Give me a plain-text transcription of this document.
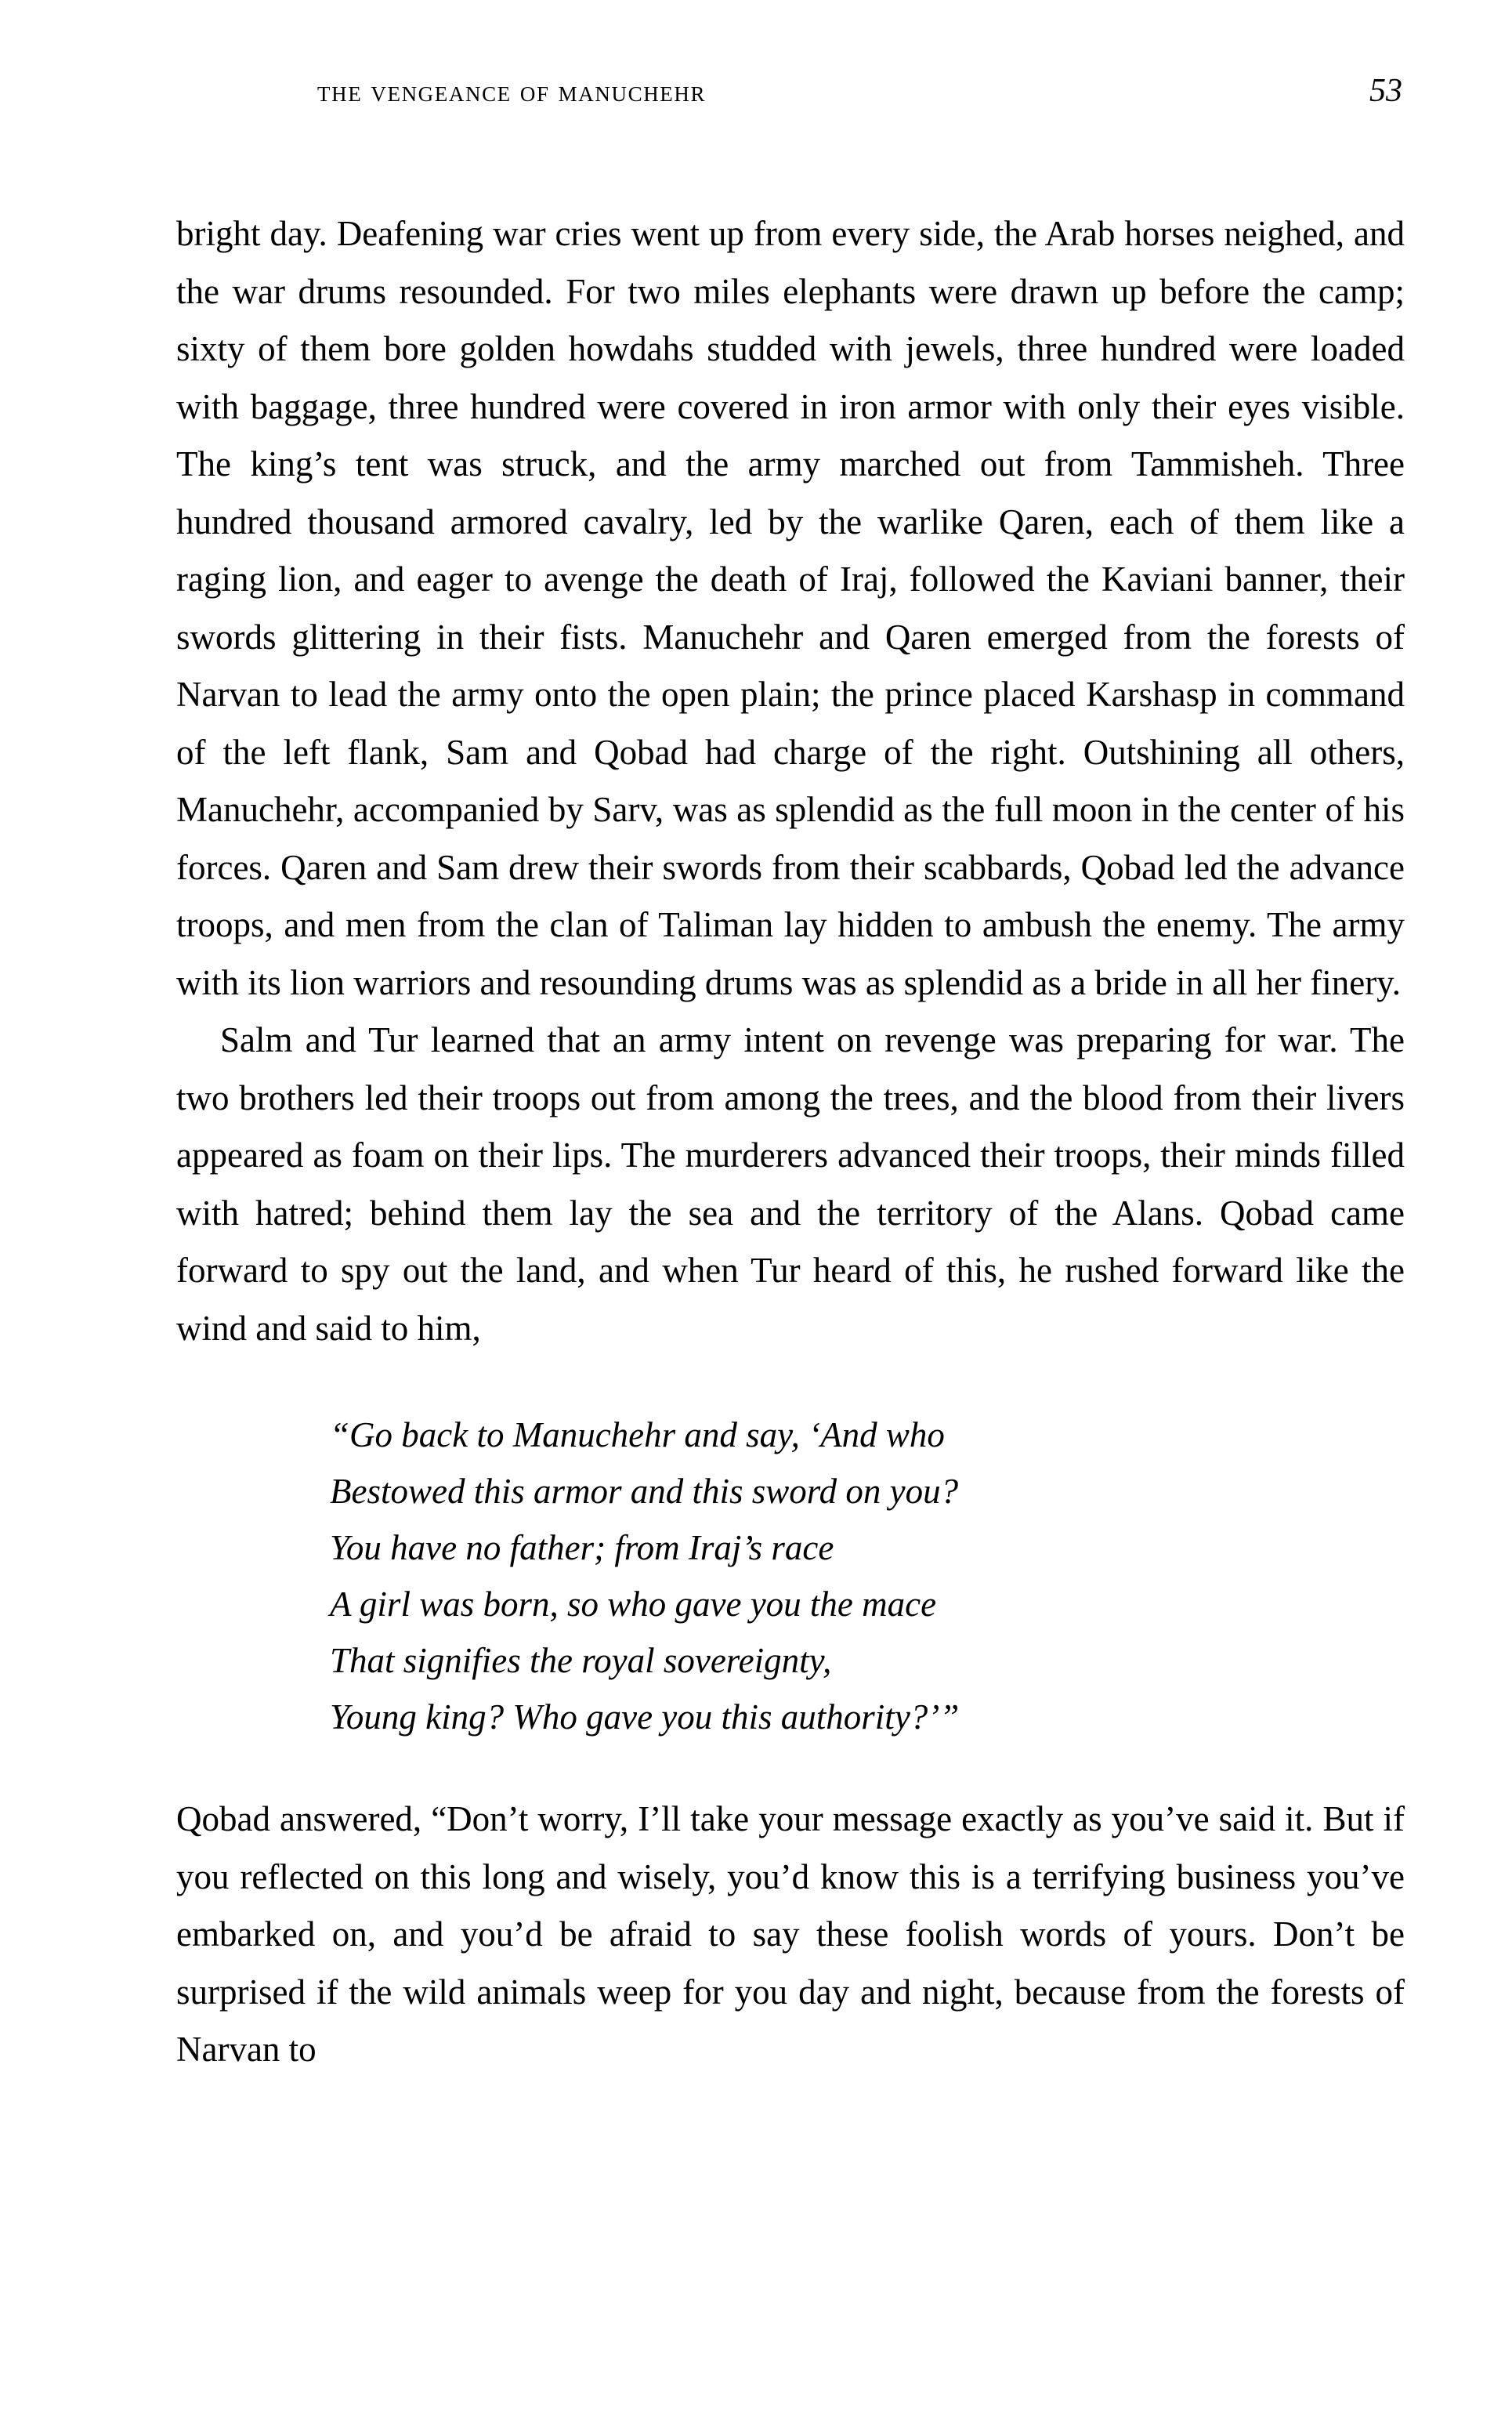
the vengeance of manuchehr	53

bright day. Deafening war cries went up from every side, the Arab horses neighed, and the war drums resounded. For two miles elephants were drawn up before the camp; sixty of them bore golden howdahs studded with jewels, three hundred were loaded with baggage, three hundred were covered in iron armor with only their eyes visible. The king’s tent was struck, and the army marched out from Tammisheh. Three hundred thousand armored cavalry, led by the warlike Qaren, each of them like a raging lion, and eager to avenge the death of Iraj, followed the Kaviani banner, their swords glittering in their fists. Manuchehr and Qaren emerged from the forests of Narvan to lead the army onto the open plain; the prince placed Karshasp in command of the left flank, Sam and Qobad had charge of the right. Outshining all others, Manuchehr, accompanied by Sarv, was as splendid as the full moon in the center of his forces. Qaren and Sam drew their swords from their scabbards, Qobad led the advance troops, and men from the clan of Taliman lay hidden to ambush the enemy. The army with its lion warriors and resounding drums was as splendid as a bride in all her finery.

Salm and Tur learned that an army intent on revenge was preparing for war. The two brothers led their troops out from among the trees, and the blood from their livers appeared as foam on their lips. The murderers advanced their troops, their minds filled with hatred; behind them lay the sea and the territory of the Alans. Qobad came forward to spy out the land, and when Tur heard of this, he rushed forward like the wind and said to him,

“Go back to Manuchehr and say, ‘And who
Bestowed this armor and this sword on you?
You have no father; from Iraj’s race
A girl was born, so who gave you the mace
That signifies the royal sovereignty,
Young king? Who gave you this authority?’”

Qobad answered, “Don’t worry, I’ll take your message exactly as you’ve said it. But if you reflected on this long and wisely, you’d know this is a terrifying business you’ve embarked on, and you’d be afraid to say these foolish words of yours. Don’t be surprised if the wild animals weep for you day and night, because from the forests of Narvan to
